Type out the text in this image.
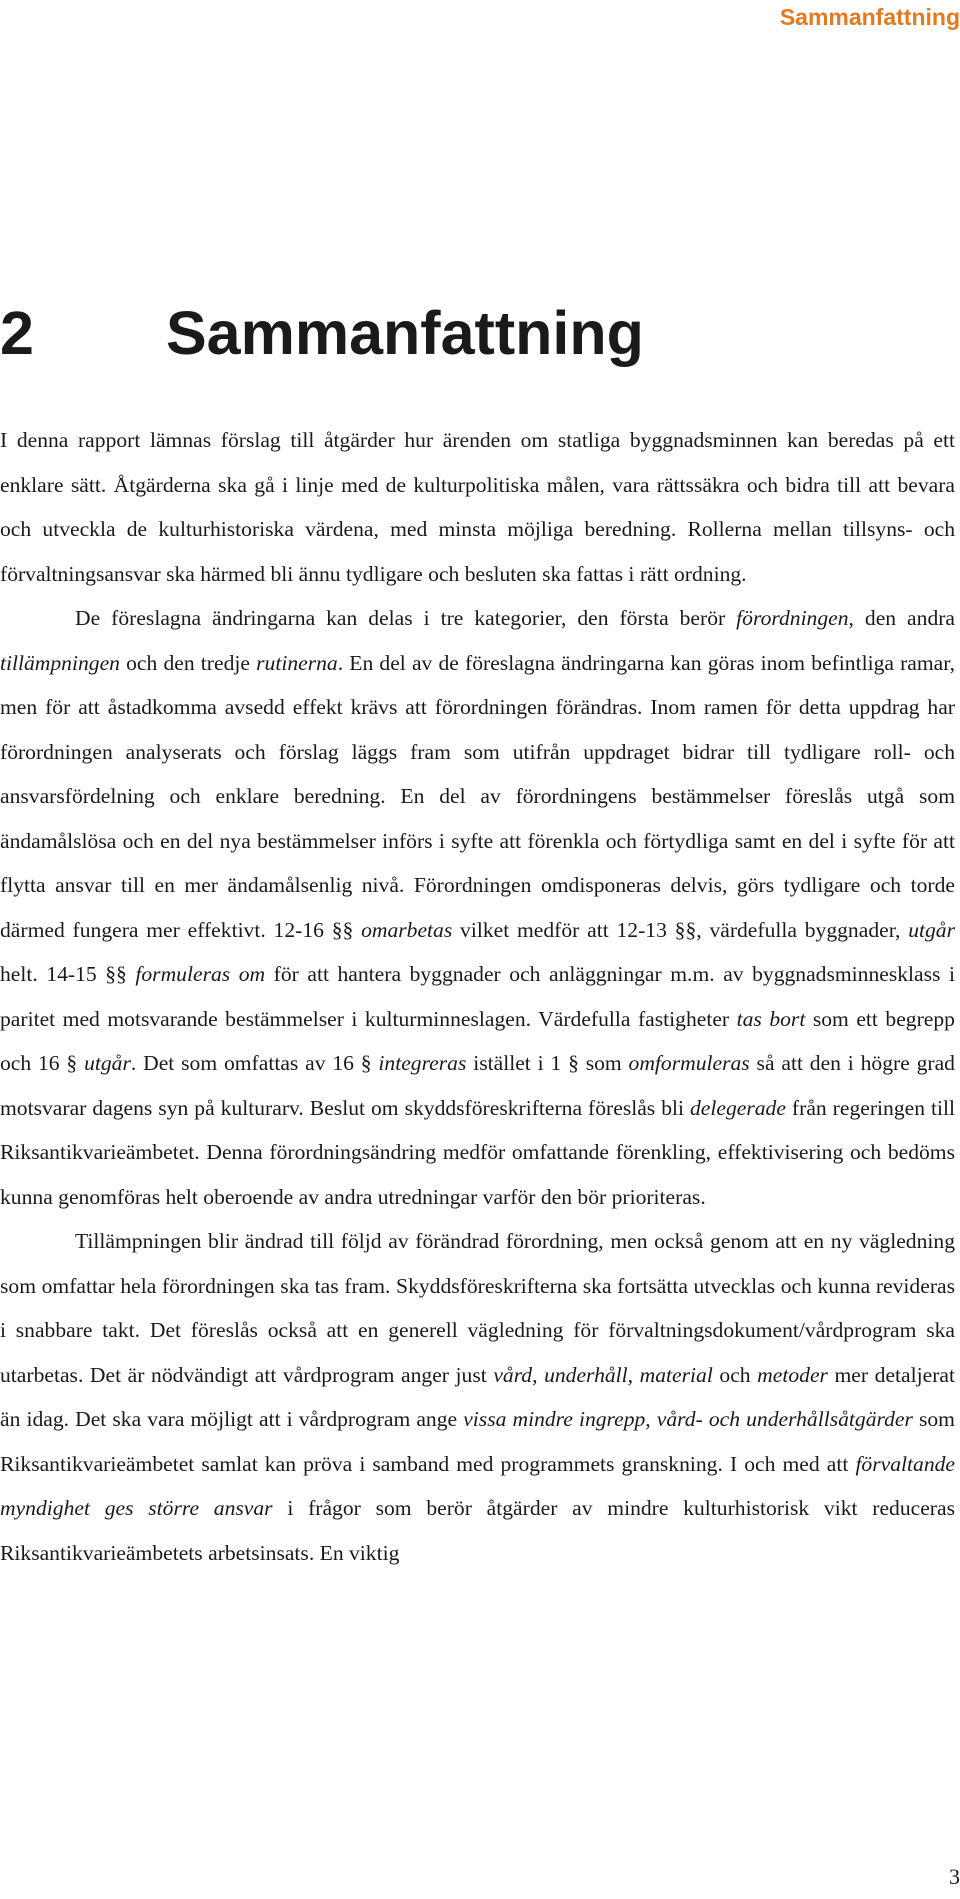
Sammanfattning
2 Sammanfattning

I denna rapport lämnas förslag till åtgärder hur ärenden om statliga byggnadsminnen kan beredas på ett enklare sätt. Åtgärderna ska gå i linje med de kulturpolitiska målen, vara rättssäkra och bidra till att bevara och utveckla de kulturhistoriska värdena, med minsta möjliga beredning. Rollerna mellan tillsyns- och förvaltningsansvar ska härmed bli ännu tydligare och besluten ska fattas i rätt ordning.

De föreslagna ändringarna kan delas i tre kategorier, den första berör förordningen, den andra tillämpningen och den tredje rutinerna. En del av de föreslagna ändringarna kan göras inom befintliga ramar, men för att åstadkomma avsedd effekt krävs att förordningen förändras. Inom ramen för detta uppdrag har förordningen analyserats och förslag läggs fram som utifrån uppdraget bidrar till tydligare roll- och ansvarsfördelning och enklare beredning. En del av förordningens bestämmelser föreslås utgå som ändamålslösa och en del nya bestämmelser införs i syfte att förenkla och förtydliga samt en del i syfte för att flytta ansvar till en mer ändamålsenlig nivå. Förordningen omdisponeras delvis, görs tydligare och torde därmed fungera mer effektivt. 12-16 §§ omarbetas vilket medför att 12-13 §§, värdefulla byggnader, utgår helt. 14-15 §§ formuleras om för att hantera byggnader och anläggningar m.m. av byggnadsminnesklass i paritet med motsvarande bestämmelser i kulturminneslagen. Värdefulla fastigheter tas bort som ett begrepp och 16 § utgår. Det som omfattas av 16 § integreras istället i 1 § som omformuleras så att den i högre grad motsvarar dagens syn på kulturarv. Beslut om skyddsföreskrifterna föreslås bli delegerade från regeringen till Riksantikvarieämbetet. Denna förordningsändring medför omfattande förenkling, effektivisering och bedöms kunna genomföras helt oberoende av andra utredningar varför den bör prioriteras.

Tillämpningen blir ändrad till följd av förändrad förordning, men också genom att en ny vägledning som omfattar hela förordningen ska tas fram. Skyddsföreskrifterna ska fortsätta utvecklas och kunna revideras i snabbare takt. Det föreslås också att en generell vägledning för förvaltningsdokument/vårdprogram ska utarbetas. Det är nödvändigt att vårdprogram anger just vård, underhåll, material och metoder mer detaljerat än idag. Det ska vara möjligt att i vårdprogram ange vissa mindre ingrepp, vård- och underhållsåtgärder som Riksantikvarieämbetet samlat kan pröva i samband med programmets granskning. I och med att förvaltande myndighet ges större ansvar i frågor som berör åtgärder av mindre kulturhistorisk vikt reduceras Riksantikvarieämbetets arbetsinsats. En viktig

3
